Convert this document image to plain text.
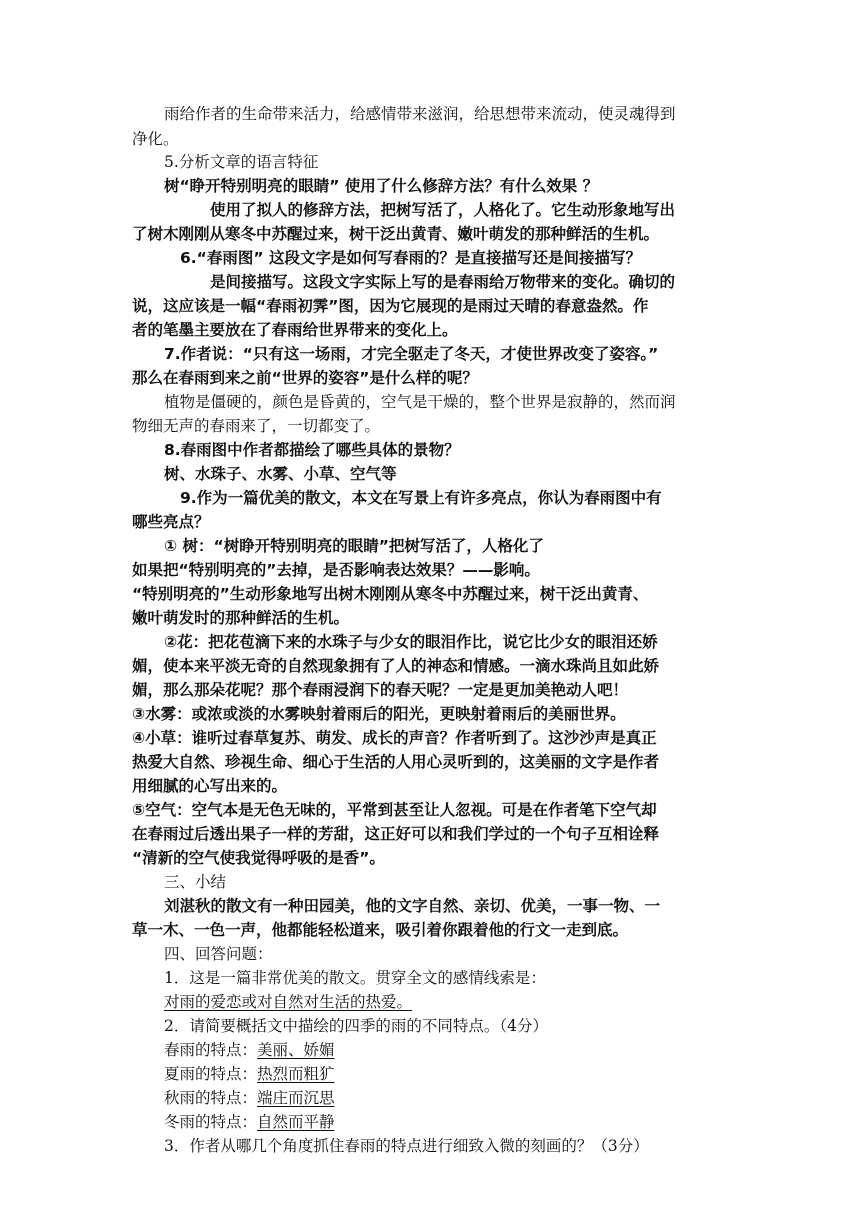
雨给作者的生命带来活力，给感情带来滋润，给思想带来流动，使灵魂得到
净化。
5.分析文章的语言特征
树“睁开特别明亮的眼睛” 使用了什么修辞方法？有什么效果 ？
使用了拟人的修辞方法，把树写活了，人格化了。它生动形象地写出
了树木刚刚从寒冬中苏醒过来，树干泛出黄青、嫩叶萌发的那种鲜活的生机。
6.“春雨图” 这段文字是如何写春雨的？是直接描写还是间接描写？
是间接描写。这段文字实际上写的是春雨给万物带来的变化。确切的
说，这应该是一幅“春雨初霁”图，因为它展现的是雨过天晴的春意盎然。作
者的笔墨主要放在了春雨给世界带来的变化上。
7.作者说：“只有这一场雨，才完全驱走了冬天，才使世界改变了姿容。”
那么在春雨到来之前“世界的姿容”是什么样的呢？
植物是僵硬的，颜色是昏黄的，空气是干燥的，整个世界是寂静的，然而润
物细无声的春雨来了，一切都变了。
8.春雨图中作者都描绘了哪些具体的景物？
树、水珠子、水雾、小草、空气等
9.作为一篇优美的散文，本文在写景上有许多亮点，你认为春雨图中有
哪些亮点？
① 树：“树睁开特别明亮的眼睛”把树写活了，人格化了
如果把“特别明亮的”去掉，是否影响表达效果？——影响。
“特别明亮的”生动形象地写出树木刚刚从寒冬中苏醒过来，树干泛出黄青、
嫩叶萌发时的那种鲜活的生机。
②花：把花苞滴下来的水珠子与少女的眼泪作比，说它比少女的眼泪还娇
媚，使本来平淡无奇的自然现象拥有了人的神态和情感。一滴水珠尚且如此娇
媚，那么那朵花呢？那个春雨浸润下的春天呢？一定是更加美艳动人吧！
③水雾：或浓或淡的水雾映射着雨后的阳光，更映射着雨后的美丽世界。
④小草：谁听过春草复苏、萌发、成长的声音？作者听到了。这沙沙声是真正
热爱大自然、珍视生命、细心于生活的人用心灵听到的，这美丽的文字是作者
用细腻的心写出来的。
⑤空气：空气本是无色无味的，平常到甚至让人忽视。可是在作者笔下空气却
在春雨过后透出果子一样的芳甜，这正好可以和我们学过的一个句子互相诠释
“清新的空气使我觉得呼吸的是香”。
三、小结
刘湛秋的散文有一种田园美，他的文字自然、亲切、优美，一事一物、一
草一木、一色一声，他都能轻松道来，吸引着你跟着他的行文一走到底。
四、回答问题：
1．这是一篇非常优美的散文。贯穿全文的感情线索是：
对雨的爱恋或对自然对生活的热爱。
2．请简要概括文中描绘的四季的雨的不同特点。（4分）
春雨的特点：美丽、娇媚
夏雨的特点：热烈而粗犷
秋雨的特点：端庄而沉思
冬雨的特点：自然而平静
3．作者从哪几个角度抓住春雨的特点进行细致入微的刻画的？（3分）
